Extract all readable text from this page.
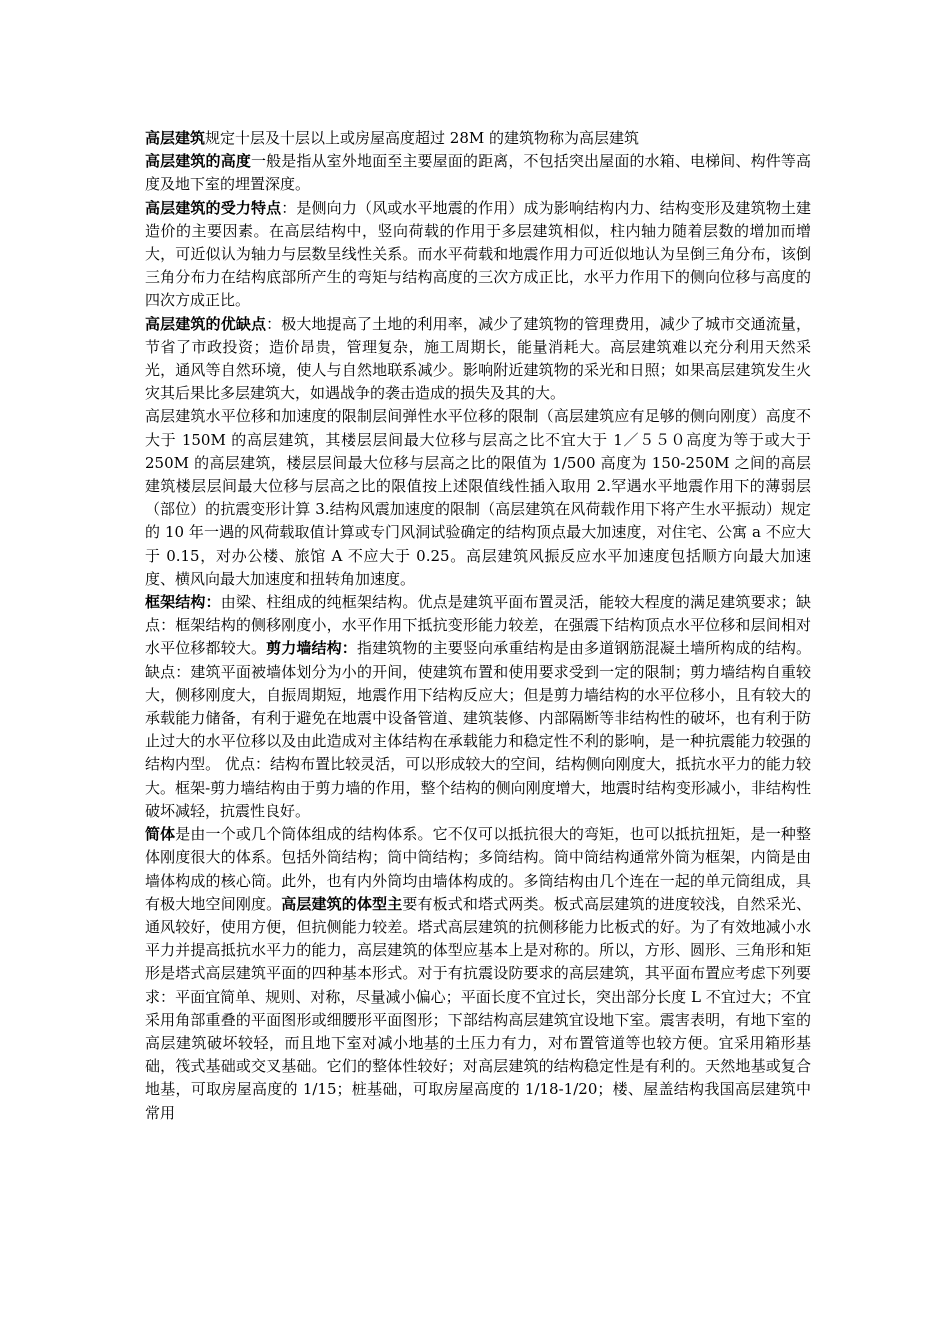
高层建筑规定十层及十层以上或房屋高度超过 28M 的建筑物称为高层建筑

高层建筑的高度一般是指从室外地面至主要屋面的距离，不包括突出屋面的水箱、电梯间、构件等高度及地下室的埋置深度。

高层建筑的受力特点：是侧向力（风或水平地震的作用）成为影响结构内力、结构变形及建筑物土建造价的主要因素。在高层结构中，竖向荷载的作用于多层建筑相似，柱内轴力随着层数的增加而增大，可近似认为轴力与层数呈线性关系。而水平荷载和地震作用力可近似地认为呈倒三角分布，该倒三角分布力在结构底部所产生的弯矩与结构高度的三次方成正比，水平力作用下的侧向位移与高度的四次方成正比。

高层建筑的优缺点：极大地提高了土地的利用率，减少了建筑物的管理费用，减少了城市交通流量，节省了市政投资；造价昂贵，管理复杂，施工周期长，能量消耗大。高层建筑难以充分利用天然采光，通风等自然环境，使人与自然地联系减少。影响附近建筑物的采光和日照；如果高层建筑发生火灾其后果比多层建筑大，如遇战争的袭击造成的损失及其的大。

高层建筑水平位移和加速度的限制层间弹性水平位移的限制（高层建筑应有足够的侧向刚度）高度不大于 150M 的高层建筑，其楼层层间最大位移与层高之比不宜大于 1／５５０高度为等于或大于 250M 的高层建筑，楼层层间最大位移与层高之比的限值为 1/500 高度为 150-250M 之间的高层建筑楼层层间最大位移与层高之比的限值按上述限值线性插入取用 2.罕遇水平地震作用下的薄弱层（部位）的抗震变形计算 3.结构风震加速度的限制（高层建筑在风荷载作用下将产生水平振动）规定的 10 年一遇的风荷载取值计算或专门风洞试验确定的结构顶点最大加速度，对住宅、公寓 a 不应大于 0.15，对办公楼、旅馆 A 不应大于 0.25。高层建筑风振反应水平加速度包括顺方向最大加速度、横风向最大加速度和扭转角加速度。

框架结构：由梁、柱组成的纯框架结构。优点是建筑平面布置灵活，能较大程度的满足建筑要求；缺点：框架结构的侧移刚度小，水平作用下抵抗变形能力较差，在强震下结构顶点水平位移和层间相对水平位移都较大。剪力墙结构：指建筑物的主要竖向承重结构是由多道钢筋混凝土墙所构成的结构。缺点：建筑平面被墙体划分为小的开间，使建筑布置和使用要求受到一定的限制；剪力墙结构自重较大，侧移刚度大，自振周期短，地震作用下结构反应大；但是剪力墙结构的水平位移小，且有较大的承载能力储备，有利于避免在地震中设备管道、建筑装修、内部隔断等非结构性的破坏，也有利于防止过大的水平位移以及由此造成对主体结构在承载能力和稳定性不利的影响，是一种抗震能力较强的结构内型。 优点：结构布置比较灵活，可以形成较大的空间，结构侧向刚度大，抵抗水平力的能力较大。框架-剪力墙结构由于剪力墙的作用，整个结构的侧向刚度增大，地震时结构变形减小，非结构性破坏减轻，抗震性良好。

简体是由一个或几个筒体组成的结构体系。它不仅可以抵抗很大的弯矩，也可以抵抗扭矩，是一种整体刚度很大的体系。包括外筒结构；筒中筒结构；多筒结构。筒中筒结构通常外筒为框架，内筒是由墙体构成的核心筒。此外，也有内外筒均由墙体构成的。多筒结构由几个连在一起的单元筒组成，具有极大地空间刚度。高层建筑的体型主要有板式和塔式两类。板式高层建筑的进度较浅，自然采光、通风较好，使用方便，但抗侧能力较差。塔式高层建筑的抗侧移能力比板式的好。为了有效地减小水平力并提高抵抗水平力的能力，高层建筑的体型应基本上是对称的。所以，方形、圆形、三角形和矩形是塔式高层建筑平面的四种基本形式。对于有抗震设防要求的高层建筑，其平面布置应考虑下列要求：平面宜简单、规则、对称，尽量减小偏心；平面长度不宜过长，突出部分长度 L 不宜过大；不宜采用角部重叠的平面图形或细腰形平面图形；下部结构高层建筑宜设地下室。震害表明，有地下室的高层建筑破坏较轻，而且地下室对减小地基的土压力有力，对布置管道等也较方便。宜采用箱形基础，筏式基础或交叉基础。它们的整体性较好；对高层建筑的结构稳定性是有利的。天然地基或复合地基，可取房屋高度的 1/15；桩基础，可取房屋高度的 1/18-1/20；楼、屋盖结构我国高层建筑中常用
